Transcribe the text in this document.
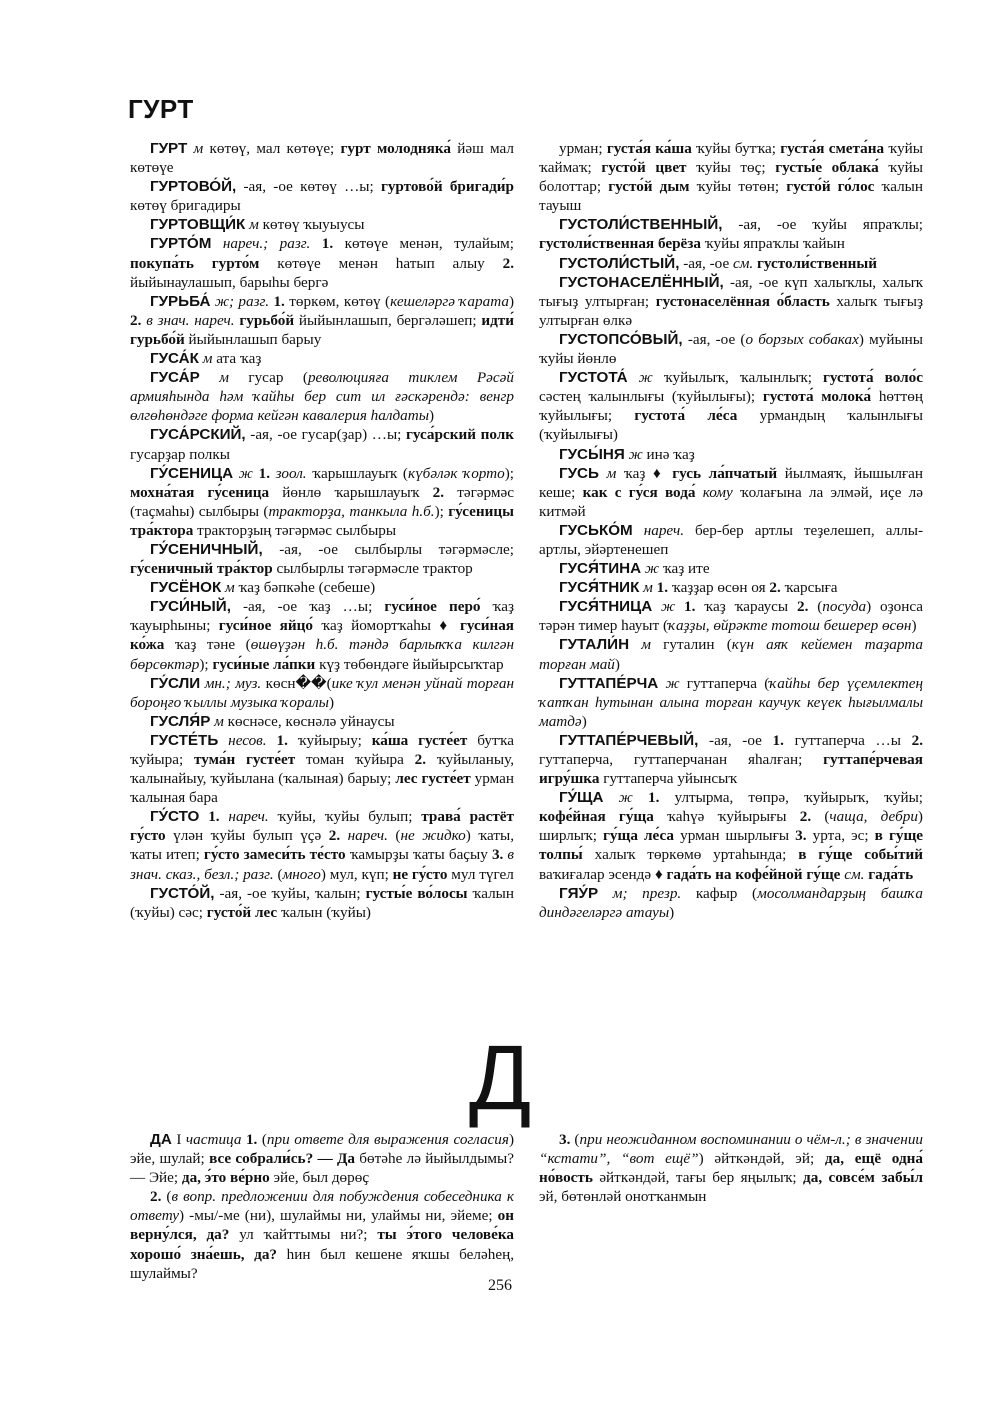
ГУРТ

ГУРТ м көтөү, мал көтөүе; гурт молодняка́ йәш мал көтөүе

ГУРТОВО́Й, -ая, -ое көтөү …ы; гуртово́й бригади́р көтөү бригадиры

ГУРТОВЩИ́К м көтөү ҡыуыусы

ГУРТО́М нареч.; разг. 1. көтөүе менән, тулайым; покупа́ть гурто́м көтөүе менән һатып алыу 2. йыйынаулашып, барыһы бергә

ГУРЬБА́ ж; разг. 1. төркөм, көтөү (кешеләргә ҡарата) 2. в знач. нареч. гурьбо́й йыйынлашып, бергәләшеп; идти́ гурьбо́й йыйынлашып барыу

ГУСА́К м ата ҡаҙ

ГУСА́Р м гусар (революцияға тиклем Рәсәй армияһында һәм ҡайһы бер сит ил ғәскәрендә: венгр өлгөһөндәге форма кейгән кавалерия һалдаты)

ГУСА́РСКИЙ, -ая, -ое гусар(ҙар) …ы; гуса́рский полк гусарҙар полкы

ГУ́СЕНИЦА ж 1. зоол. ҡарышлауыҡ (күбәләк ҡорто); мохна́тая гу́сеница йөнлө ҡарышлауыҡ 2. тәгәрмәс (таҫмаһы) сылбыры (тракторҙа, танкыла һ.б.); гу́сеницы тра́ктора тракторҙың тәгәрмәс сылбыры

ГУ́СЕНИЧНЫЙ, -ая, -ое сылбырлы тәгәрмәсле; гу́сеничный тра́ктор сылбырлы тәгәрмәсле трактор

ГУСЁНОК м ҡаҙ бәпкәһе (себеше)

ГУСИ́НЫЙ, -ая, -ое ҡаҙ …ы; гуси́ное перо́ ҡаҙ ҡауырһыны; гуси́ное яйцо́ ҡаҙ йомортҡаһы ♦ гуси́ная ко́жа ҡаҙ тәне (өшөүҙән һ.б. тәндә барлыҡҡа килгән бөрсөктәр); гуси́ные ла́пки күҙ төбөндәге йыйырсыҡтар

ГУ́СЛИ мн.; муз. көсн��(ике ҡул менән уйнай торған бороңғо ҡыллы музыка ҡоралы)

ГУСЛЯ́Р м көснәсе, көснәлә уйнаусы

ГУСТЕ́ТЬ несов. 1. ҡуйырыу; ка́ша густе́ет бутҡа ҡуйыра; тума́н густе́ет томан ҡуйыра 2. ҡуйыланыу, ҡалынайыу, ҡуйылана (ҡалыная) барыу; лес густе́ет урман ҡалыная бара

ГУ́СТО 1. нареч. ҡуйы, ҡуйы булып; трава́ растёт гу́сто үлән ҡуйы булып үҫә 2. нареч. (не жидко) ҡаты, ҡаты итеп; гу́сто замеси́ть те́сто ҡамырҙы ҡаты баҫыу 3. в знач. сказ., безл.; разг. (много) мул, күп; не гу́сто мул түгел

ГУСТО́Й, -ая, -ое ҡуйы, ҡалын; густы́е во́лосы ҡалын (ҡуйы) сәс; густо́й лес ҡалын (ҡуйы)

урман; густа́я ка́ша ҡуйы бутҡа; густа́я смета́на ҡуйы ҡаймаҡ; густо́й цвет ҡуйы төҫ; густы́е облака́ ҡуйы болоттар; густо́й дым ҡуйы төтөн; густо́й го́лос ҡалын тауыш

ГУСТОЛИ́СТВЕННЫЙ, -ая, -ое ҡуйы япраҡлы; густоли́ственная берёза ҡуйы япраҡлы ҡайын

ГУСТОЛИ́СТЫЙ, -ая, -ое см. густоли́ственный

ГУСТОНАСЕЛЁННЫЙ, -ая, -ое күп халыҡлы, халыҡ тығыҙ ултырған; густонаселённая о́бласть халыҡ тығыҙ ултырған өлкә

ГУСТОПСО́ВЫЙ, -ая, -ое (о борзых собаках) муйыны ҡуйы йөнлө

ГУСТОТА́ ж ҡуйылыҡ, ҡалынлыҡ; густота́ воло́с сәстең ҡалынлығы (ҡуйылығы); густота́ молока́ һөттөң ҡуйылығы; густота́ ле́са урмандың ҡалынлығы (ҡуйылығы)

ГУСЫ́НЯ ж инә ҡаҙ

ГУСЬ м ҡаҙ ♦ гусь ла́пчатый йылмаяҡ, йышылған кеше; как с гу́ся вода́ кому ҡолағына ла элмәй, иҫе лә китмәй

ГУСЬКО́М нареч. бер-бер артлы теҙелешеп, аллы-артлы, эйәртенешеп

ГУСЯ́ТИНА ж ҡаҙ ите

ГУСЯ́ТНИК м 1. ҡаҙҙар өсөн оя 2. ҡарсыға

ГУСЯ́ТНИЦА ж 1. ҡаҙ ҡараусы 2. (посуда) оҙонса тәрән тимер һауыт (ҡаҙҙы, өйрәкте тотош бешерер өсөн)

ГУТАЛИ́Н м гуталин (күн аяҡ кейемен таҙарта торған май)

ГУТТАПЕ́РЧА ж гуттаперча (ҡайһы бер үҫемлектең ҡатҡан һутынан алына торған каучук кеүек һығылмалы матдә)

ГУТТАПЕ́РЧЕВЫЙ, -ая, -ое 1. гуттаперча …ы 2. гуттаперча, гуттаперчанан яһалған; гуттапе́рчевая игру́шка гуттаперча уйынсыҡ

ГУ́ЩА ж 1. ултырма, төпрә, ҡуйырыҡ, ҡуйы; кофе́йная гу́ща ҡаһүә ҡуйырығы 2. (чаща, дебри) ширлыҡ; гу́ща ле́са урман шырлығы 3. урта, эс; в гу́ще толпы́ халыҡ төркөмө уртаһында; в гу́ще собы́тий ваҡиғалар эсендә ♦ гада́ть на кофе́йной гу́ще см. гада́ть

ГЯУ́Р м; презр. кафыр (мосолмандарҙың башҡа диндәгеләргә атауы)

Д

ДА I частица 1. (при ответе для выражения согласия) эйе, шулай; все собрали́сь? — Да бөтәһе лә йыйылдымы? — Эйе; да, э́то ве́рно эйе, был дөрөҫ

2. (в вопр. предложении для побуждения собеседника к ответу) -мы/-ме (ни), шулаймы ни, улаймы ни, эйеме; он верну́лся, да? ул ҡайттымы ни?; ты э́того челове́ка хорошо́ зна́ешь, да? һин был кешене яҡшы беләһең, шулаймы?

3. (при неожиданном воспоминании о чём-л.; в значении “кстати”, “вот ещё”) әйткәндәй, эй; да, ещё одна́ но́вость әйткәндәй, тағы бер яңылыҡ; да, совсе́м забы́л эй, бөтөнләй онотҡанмын

256
